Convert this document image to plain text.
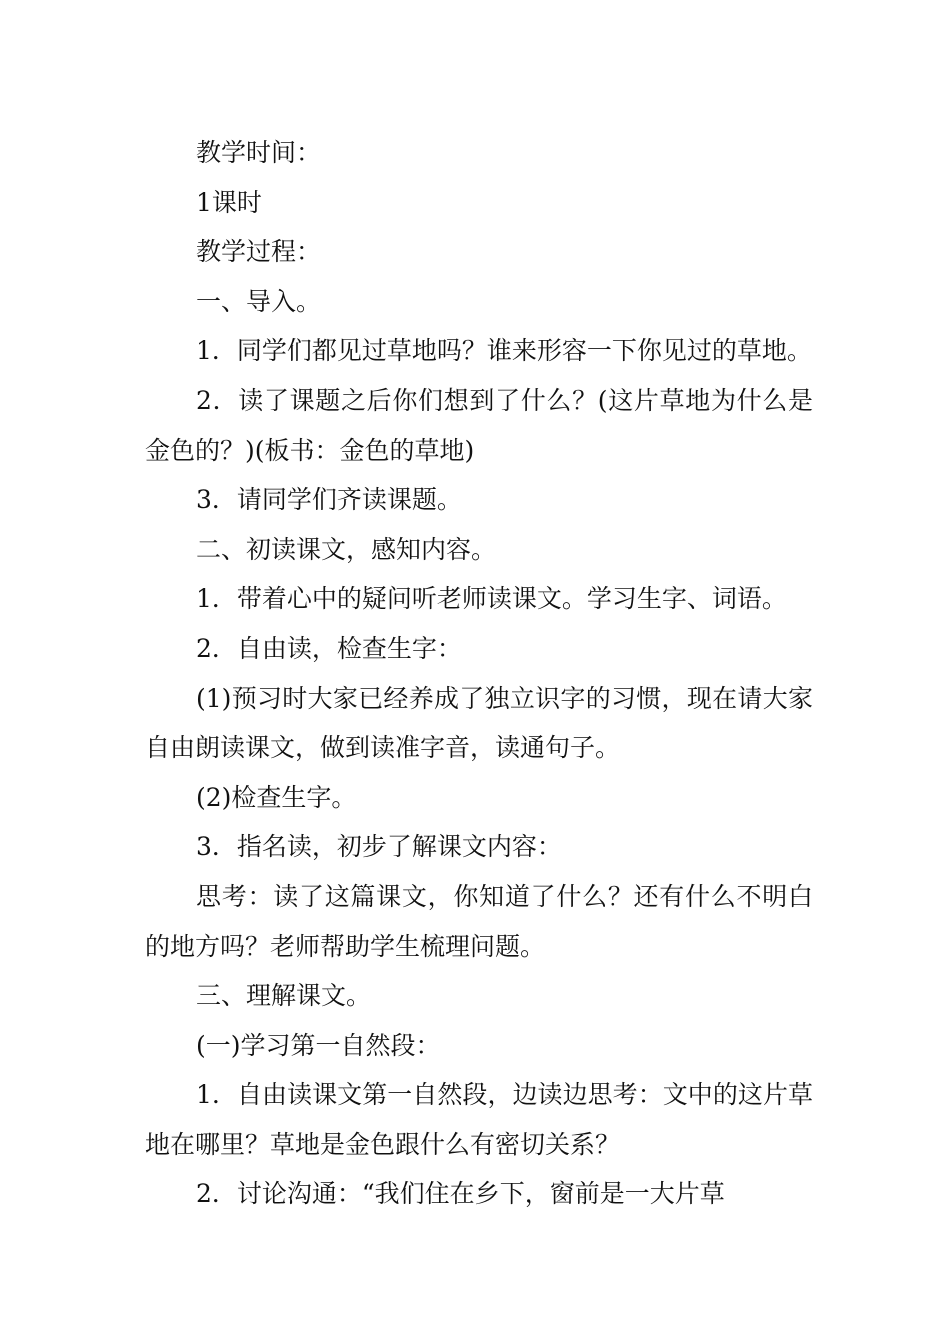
教学时间：

1课时

教学过程：

一、导入。

1．同学们都见过草地吗？谁来形容一下你见过的草地。

2．读了课题之后你们想到了什么？(这片草地为什么是金色的？)(板书：金色的草地)

3．请同学们齐读课题。

二、初读课文，感知内容。

1．带着心中的疑问听老师读课文。学习生字、词语。

2．自由读，检查生字：

(1)预习时大家已经养成了独立识字的习惯，现在请大家自由朗读课文，做到读准字音，读通句子。

(2)检查生字。

3．指名读，初步了解课文内容：

思考：读了这篇课文，你知道了什么？还有什么不明白的地方吗？老师帮助学生梳理问题。

三、理解课文。

(一)学习第一自然段：

1．自由读课文第一自然段，边读边思考：文中的这片草地在哪里？草地是金色跟什么有密切关系？

2．讨论沟通：“我们住在乡下，窗前是一大片草
